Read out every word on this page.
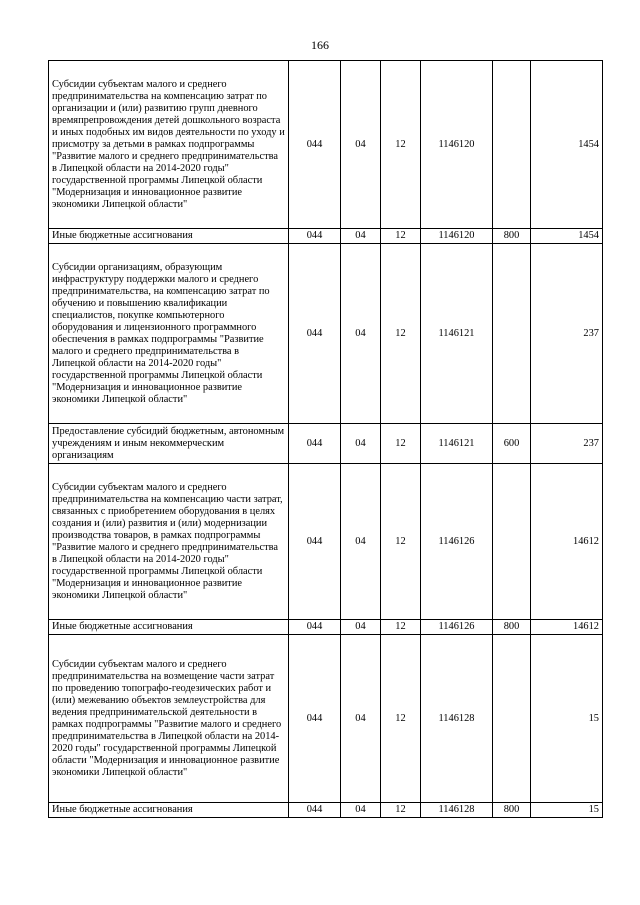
166
Субсидии субъектам малого и среднего предпринимательства на компенсацию затрат по организации и (или) развитию групп дневного времяпрепровождения детей дошкольного возраста и иных подобных им видов деятельности по уходу и присмотру за детьми в рамках подпрограммы "Развитие малого и среднего предпринимательства в Липецкой области на 2014-2020 годы" государственной программы Липецкой области "Модернизация и инновационное развитие экономики Липецкой области"	044	04	12	1146120		1454
Иные бюджетные ассигнования	044	04	12	1146120	800	1454
Субсидии организациям, образующим инфраструктуру поддержки малого и среднего предпринимательства, на компенсацию затрат по обучению и повышению квалификации специалистов, покупке компьютерного оборудования и лицензионного программного обеспечения в рамках подпрограммы "Развитие малого и среднего предпринимательства в Липецкой области на 2014-2020 годы" государственной программы Липецкой области "Модернизация и инновационное развитие экономики Липецкой области"	044	04	12	1146121		237
Предоставление субсидий бюджетным, автономным учреждениям и иным некоммерческим организациям	044	04	12	1146121	600	237
Субсидии субъектам малого и среднего предпринимательства на компенсацию части затрат, связанных с приобретением оборудования в целях создания и (или) развития и (или) модернизации производства товаров, в рамках подпрограммы "Развитие малого и среднего предпринимательства в Липецкой области на 2014-2020 годы" государственной программы Липецкой области "Модернизация и инновационное развитие экономики Липецкой области"	044	04	12	1146126		14612
Иные бюджетные ассигнования	044	04	12	1146126	800	14612
Субсидии субъектам малого и среднего предпринимательства на возмещение части затрат по проведению топографо-геодезических работ и (или) межеванию объектов землеустройства для ведения предпринимательской деятельности в рамках подпрограммы "Развитие малого и среднего предпринимательства в Липецкой области на 2014-2020 годы" государственной программы Липецкой области "Модернизация и инновационное развитие экономики Липецкой области"	044	04	12	1146128		15
Иные бюджетные ассигнования	044	04	12	1146128	800	15
